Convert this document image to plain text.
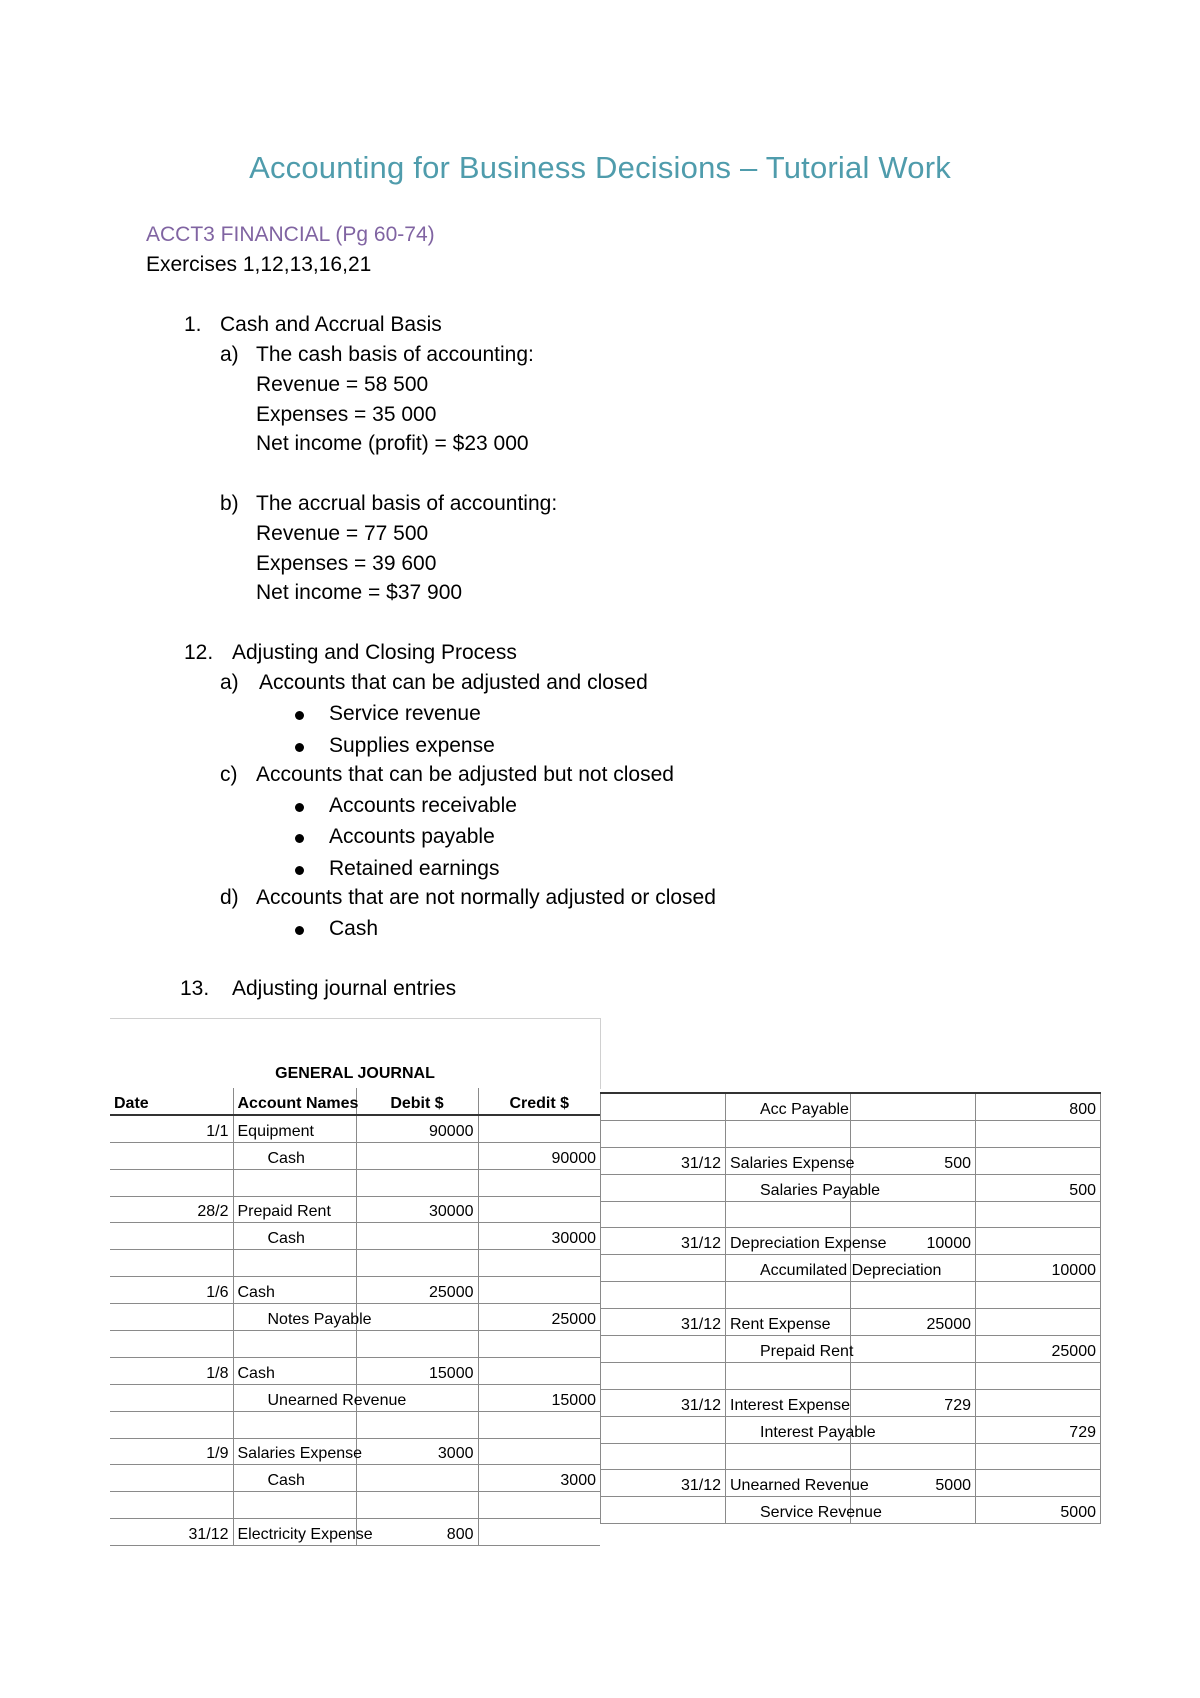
Accounting for Business Decisions – Tutorial Work
ACCT3 FINANCIAL (Pg 60-74)
Exercises 1,12,13,16,21
1. Cash and Accrual Basis
a) The cash basis of accounting:
Revenue = 58 500
Expenses = 35 000
Net income (profit) = $23 000
b) The accrual basis of accounting:
Revenue = 77 500
Expenses = 39 600
Net income = $37 900
12. Adjusting and Closing Process
a) Accounts that can be adjusted and closed
Service revenue
Supplies expense
c) Accounts that can be adjusted but not closed
Accounts receivable
Accounts payable
Retained earnings
d) Accounts that are not normally adjusted or closed
Cash
13. Adjusting journal entries
GENERAL JOURNAL
Date	Account Names	Debit $	Credit $
1/1	Equipment	90000	
	Cash		90000

28/2	Prepaid Rent	30000	
	Cash		30000

1/6	Cash	25000	
	Notes Payable		25000

1/8	Cash	15000	
	Unearned Revenue		15000

1/9	Salaries Expense	3000	
	Cash		3000

31/12	Electricity Expense	800	
	Acc Payable		800

31/12	Salaries Expense	500	
	Salaries Payable		500

31/12	Depreciation Expense	10000	
	Accumilated Depreciation		10000

31/12	Rent Expense	25000	
	Prepaid Rent		25000

31/12	Interest Expense	729	
	Interest Payable		729

31/12	Unearned Revenue	5000	
	Service Revenue		5000
